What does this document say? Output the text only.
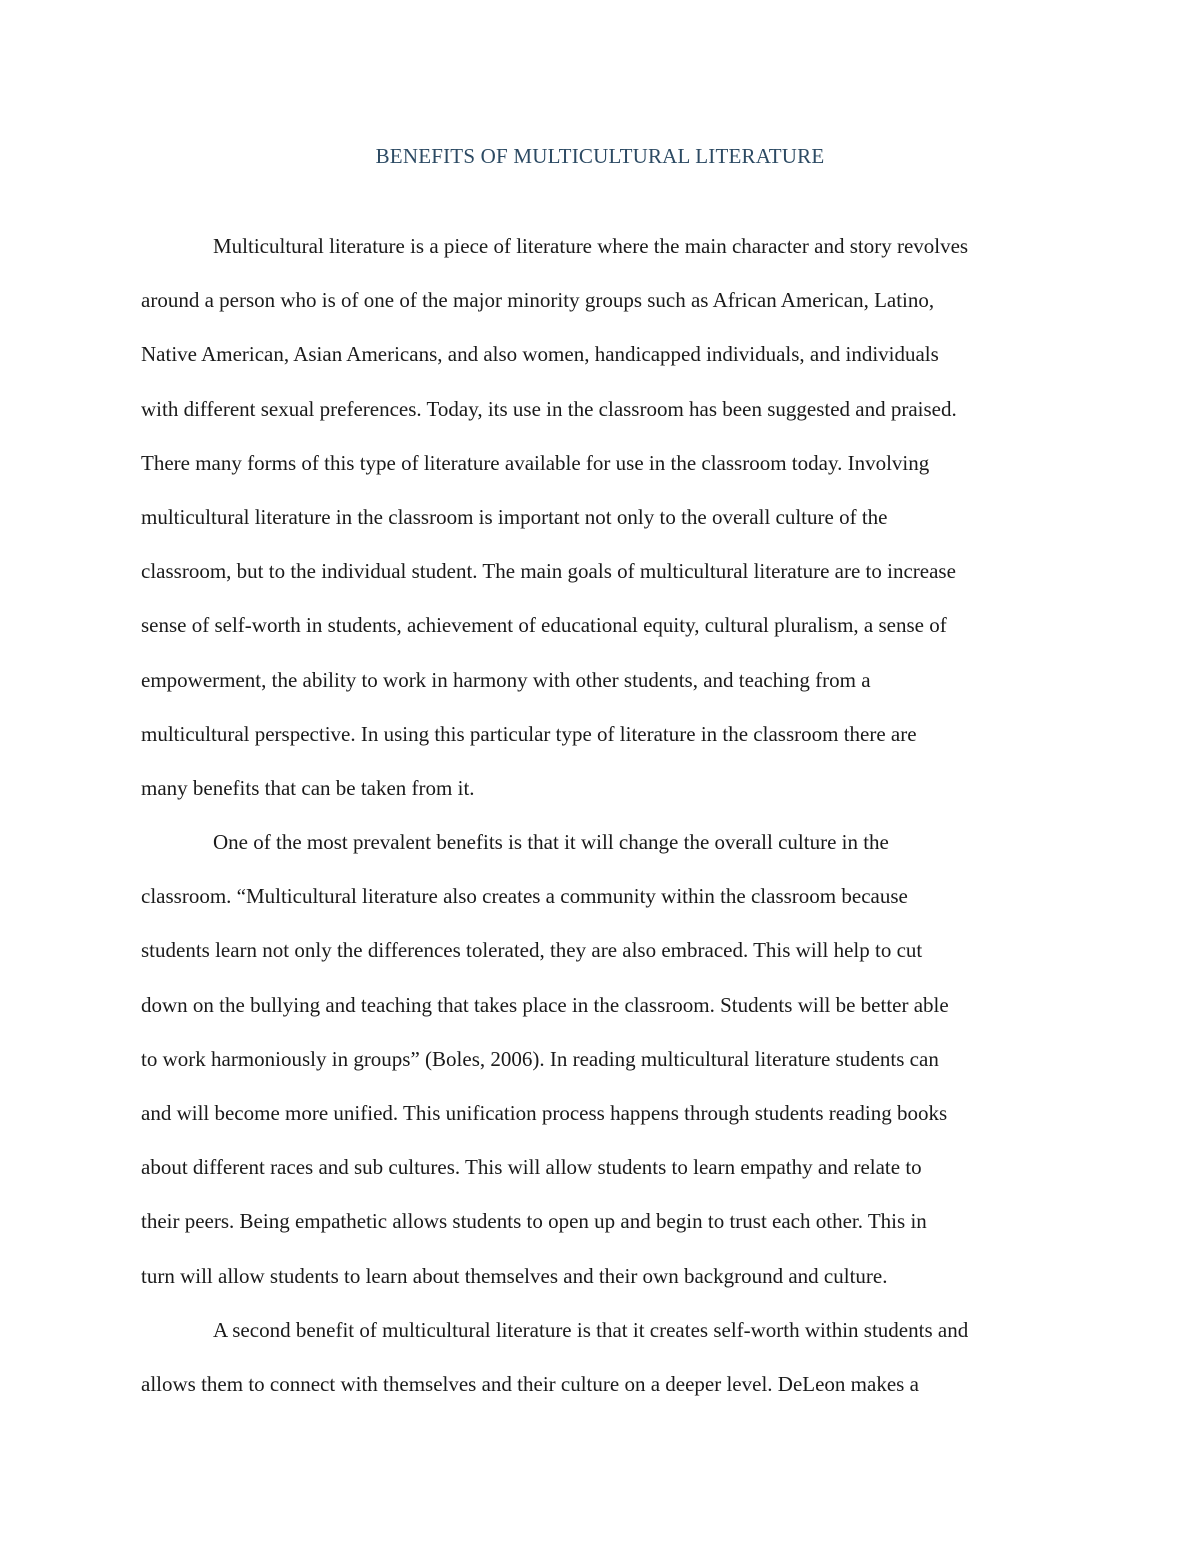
BENEFITS OF MULTICULTURAL LITERATURE
Multicultural literature is a piece of literature where the main character and story revolves
around a person who is of one of the major minority groups such as African American, Latino,
Native American, Asian Americans, and also women, handicapped individuals, and individuals
with different sexual preferences. Today, its use in the classroom has been suggested and praised.
There many forms of this type of literature available for use in the classroom today. Involving
multicultural literature in the classroom is important not only to the overall culture of the
classroom, but to the individual student. The main goals of multicultural literature are to increase
sense of self-worth in students, achievement of educational equity, cultural pluralism, a sense of
empowerment, the ability to work in harmony with other students, and teaching from a
multicultural perspective. In using this particular type of literature in the classroom there are
many benefits that can be taken from it.
One of the most prevalent benefits is that it will change the overall culture in the
classroom. “Multicultural literature also creates a community within the classroom because
students learn not only the differences tolerated, they are also embraced. This will help to cut
down on the bullying and teaching that takes place in the classroom. Students will be better able
to work harmoniously in groups” (Boles, 2006). In reading multicultural literature students can
and will become more unified. This unification process happens through students reading books
about different races and sub cultures. This will allow students to learn empathy and relate to
their peers. Being empathetic allows students to open up and begin to trust each other. This in
turn will allow students to learn about themselves and their own background and culture.
A second benefit of multicultural literature is that it creates self-worth within students and
allows them to connect with themselves and their culture on a deeper level. DeLeon makes a
